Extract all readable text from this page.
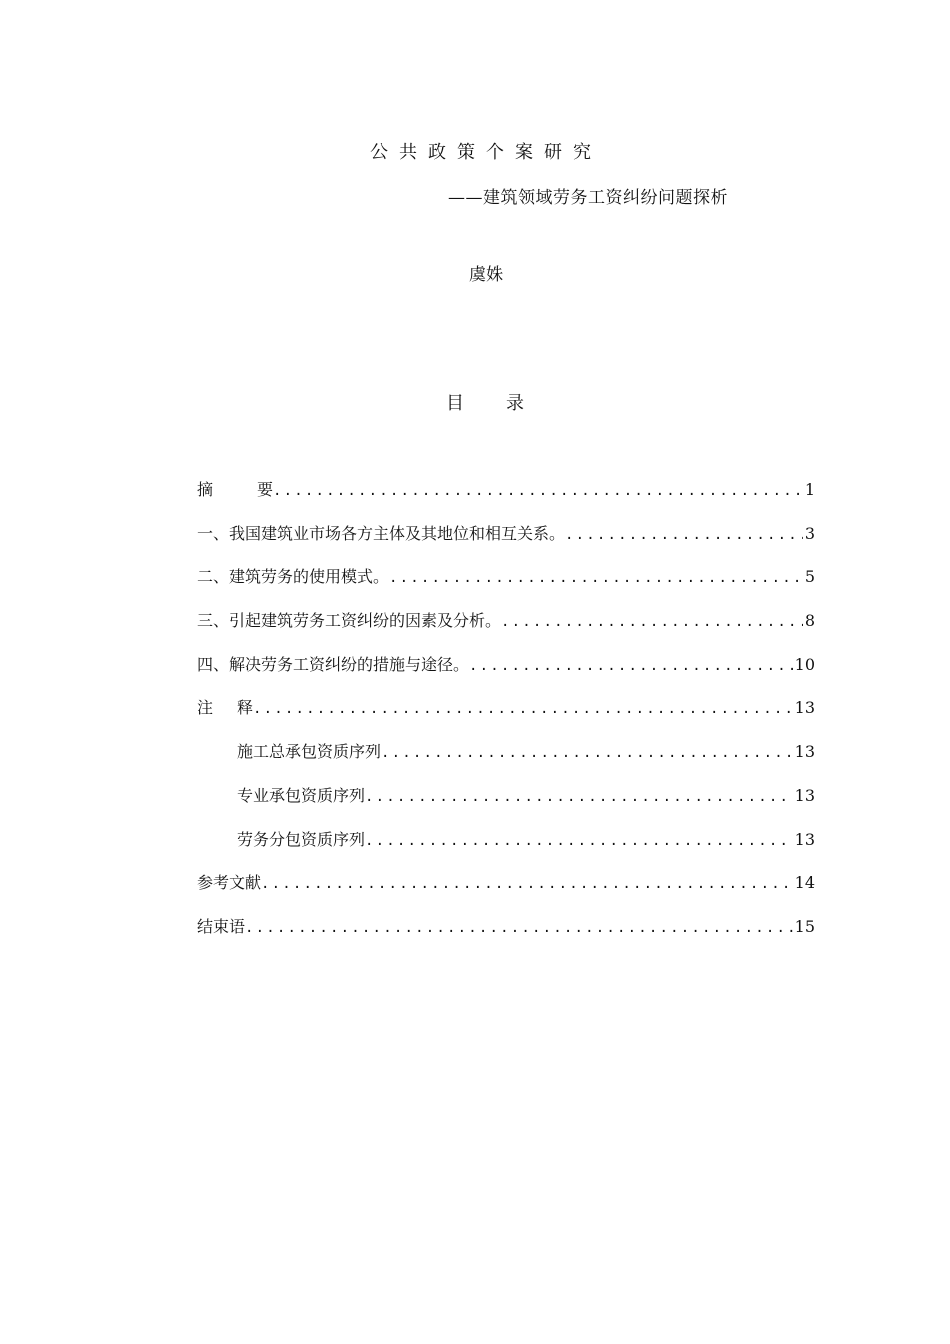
公共政策个案研究
——建筑领域劳务工资纠纷问题探析
虞姝
目 录
摘	要 .....	1
一、我国建筑业市场各方主体及其地位和相互关系。 .....	3
二、建筑劳务的使用模式。 .....	5
三、引起建筑劳务工资纠纷的因素及分析。 .....	8
四、解决劳务工资纠纷的措施与途径。 .....	10
注 释 .....	13
施工总承包资质序列 .....	13
专业承包资质序列 .....	13
劳务分包资质序列 .....	13
参考文献 .....	14
结束语 .....	15
